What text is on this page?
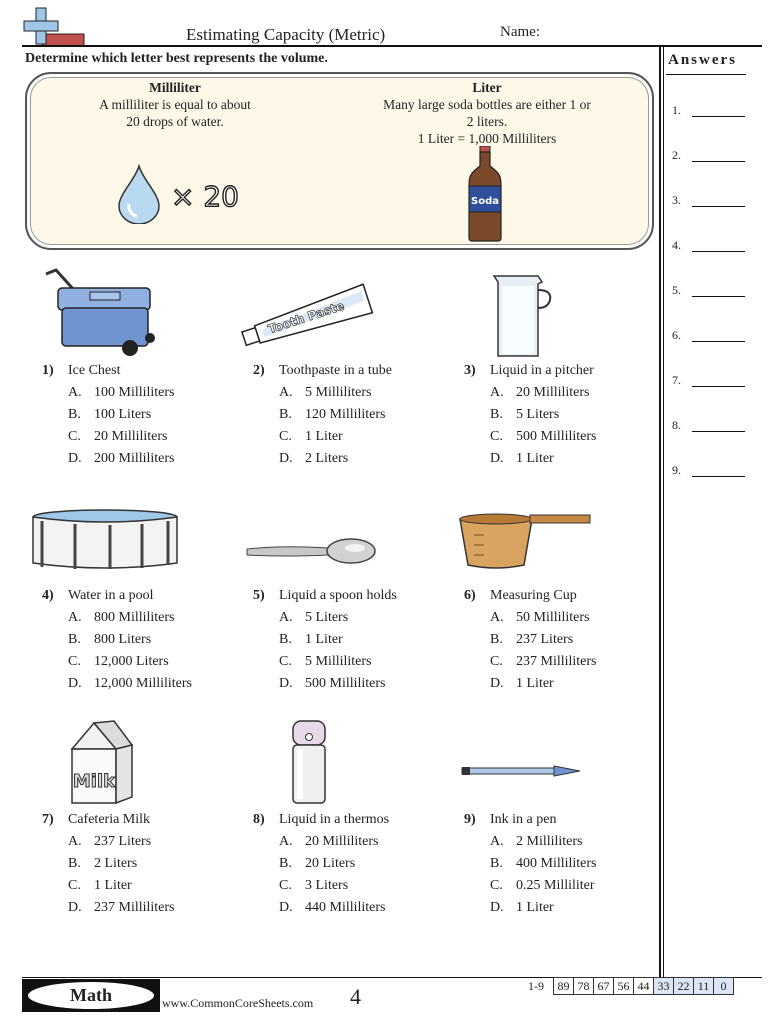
Estimating Capacity (Metric)	Name:
Determine which letter best represents the volume.	Answers
1.
2.
3.
4.
5.
6.
7.
8.
9.
Milliliter
A milliliter is equal to about
20 drops of water.
× 20
Liter
Many large soda bottles are either 1 or
2 liters.
1 Liter = 1,000 Milliliters
Soda
1) Ice Chest
A. 100 Milliliters
B. 100 Liters
C. 20 Milliliters
D. 200 Milliliters
Tooth Paste
2) Toothpaste in a tube
A. 5 Milliliters
B. 120 Milliliters
C. 1 Liter
D. 2 Liters
3) Liquid in a pitcher
A. 20 Milliliters
B. 5 Liters
C. 500 Milliliters
D. 1 Liter
4) Water in a pool
A. 800 Milliliters
B. 800 Liters
C. 12,000 Liters
D. 12,000 Milliliters
5) Liquid a spoon holds
A. 5 Liters
B. 1 Liter
C. 5 Milliliters
D. 500 Milliliters
6) Measuring Cup
A. 50 Milliliters
B. 237 Liters
C. 237 Milliliters
D. 1 Liter
Milk
7) Cafeteria Milk
A. 237 Liters
B. 2 Liters
C. 1 Liter
D. 237 Milliliters
8) Liquid in a thermos
A. 20 Milliliters
B. 20 Liters
C. 3 Liters
D. 440 Milliliters
9) Ink in a pen
A. 2 Milliliters
B. 400 Milliliters
C. 0.25 Milliliter
D. 1 Liter
Math	www.CommonCoreSheets.com 4	1-9 89	78	67	56	44	33	22	11	0
